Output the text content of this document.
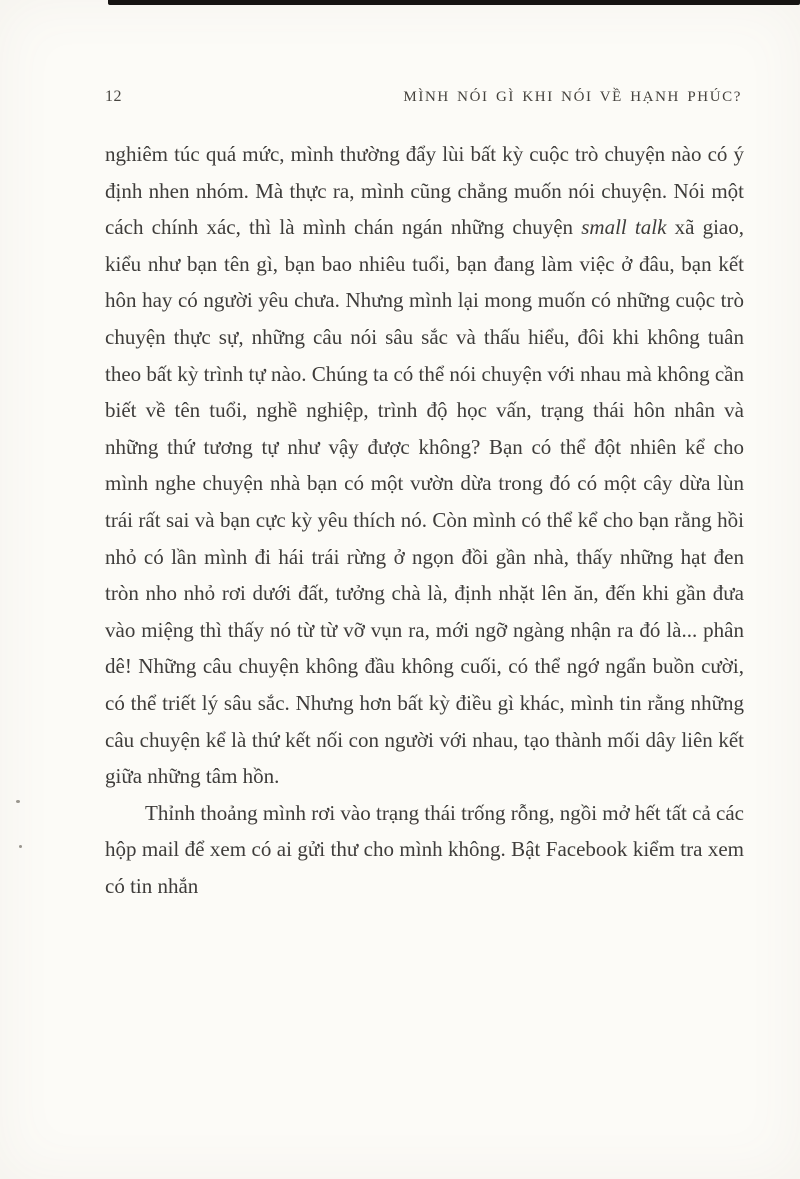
12	MÌNH NÓI GÌ KHI NÓI VỀ HẠNH PHÚC?

nghiêm túc quá mức, mình thường đẩy lùi bất kỳ cuộc trò chuyện nào có ý định nhen nhóm. Mà thực ra, mình cũng chẳng muốn nói chuyện. Nói một cách chính xác, thì là mình chán ngán những chuyện small talk xã giao, kiểu như bạn tên gì, bạn bao nhiêu tuổi, bạn đang làm việc ở đâu, bạn kết hôn hay có người yêu chưa. Nhưng mình lại mong muốn có những cuộc trò chuyện thực sự, những câu nói sâu sắc và thấu hiểu, đôi khi không tuân theo bất kỳ trình tự nào. Chúng ta có thể nói chuyện với nhau mà không cần biết về tên tuổi, nghề nghiệp, trình độ học vấn, trạng thái hôn nhân và những thứ tương tự như vậy được không? Bạn có thể đột nhiên kể cho mình nghe chuyện nhà bạn có một vườn dừa trong đó có một cây dừa lùn trái rất sai và bạn cực kỳ yêu thích nó. Còn mình có thể kể cho bạn rằng hồi nhỏ có lần mình đi hái trái rừng ở ngọn đồi gần nhà, thấy những hạt đen tròn nho nhỏ rơi dưới đất, tưởng chà là, định nhặt lên ăn, đến khi gần đưa vào miệng thì thấy nó từ từ vỡ vụn ra, mới ngỡ ngàng nhận ra đó là... phân dê! Những câu chuyện không đầu không cuối, có thể ngớ ngẩn buồn cười, có thể triết lý sâu sắc. Nhưng hơn bất kỳ điều gì khác, mình tin rằng những câu chuyện kể là thứ kết nối con người với nhau, tạo thành mối dây liên kết giữa những tâm hồn.

Thỉnh thoảng mình rơi vào trạng thái trống rỗng, ngồi mở hết tất cả các hộp mail để xem có ai gửi thư cho mình không. Bật Facebook kiểm tra xem có tin nhắn
